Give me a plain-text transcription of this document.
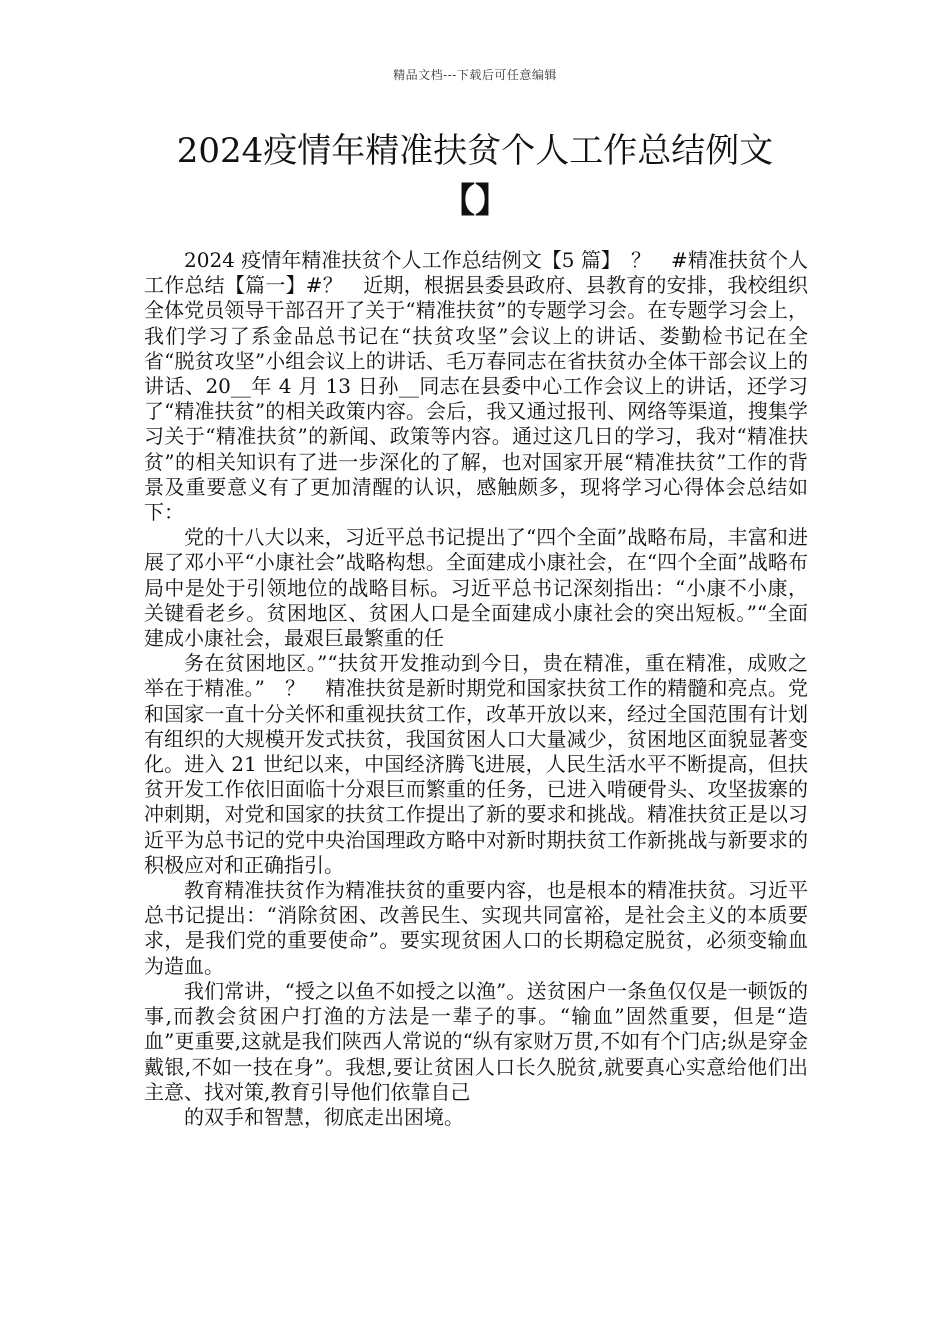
精品文档---下载后可任意编辑
2024疫情年精准扶贫个人工作总结例文
【】

2024 疫情年精准扶贫个人工作总结例文【5 篇】　？　#精准扶贫个人工作总结【篇一】#？　近期，根据县委县政府、县教育的安排，我校组织全体党员领导干部召开了关于“精准扶贫”的专题学习会。在专题学习会上，我们学习了系金品总书记在“扶贫攻坚”会议上的讲话、娄勤检书记在全省“脱贫攻坚”小组会议上的讲话、毛万春同志在省扶贫办全体干部会议上的讲话、20__年 4 月 13 日孙__同志在县委中心工作会议上的讲话，还学习了“精准扶贫”的相关政策内容。会后，我又通过报刊、网络等渠道，搜集学习关于“精准扶贫”的新闻、政策等内容。通过这几日的学习，我对“精准扶贫”的相关知识有了进一步深化的了解，也对国家开展“精准扶贫”工作的背景及重要意义有了更加清醒的认识，感触颇多，现将学习心得体会总结如下：

党的十八大以来，习近平总书记提出了“四个全面”战略布局，丰富和进展了邓小平“小康社会”战略构想。全面建成小康社会，在“四个全面”战略布局中是处于引领地位的战略目标。习近平总书记深刻指出：“小康不小康，关键看老乡。贫困地区、贫困人口是全面建成小康社会的突出短板。”“全面建成小康社会，最艰巨最繁重的任

务在贫困地区。”“扶贫开发推动到今日，贵在精准，重在精准，成败之举在于精准。”　？　精准扶贫是新时期党和国家扶贫工作的精髓和亮点。党和国家一直十分关怀和重视扶贫工作，改革开放以来，经过全国范围有计划有组织的大规模开发式扶贫，我国贫困人口大量减少，贫困地区面貌显著变化。进入 21 世纪以来，中国经济腾飞进展，人民生活水平不断提高，但扶贫开发工作依旧面临十分艰巨而繁重的任务，已进入啃硬骨头、攻坚拔寨的冲刺期，对党和国家的扶贫工作提出了新的要求和挑战。精准扶贫正是以习近平为总书记的党中央治国理政方略中对新时期扶贫工作新挑战与新要求的积极应对和正确指引。

教育精准扶贫作为精准扶贫的重要内容，也是根本的精准扶贫。习近平总书记提出：“消除贫困、改善民生、实现共同富裕，是社会主义的本质要求，是我们党的重要使命”。要实现贫困人口的长期稳定脱贫，必须变输血为造血。

我们常讲，“授之以鱼不如授之以渔”。送贫困户一条鱼仅仅是一顿饭的事,而教会贫困户打渔的方法是一辈子的事。“输血”固然重要，但是“造血”更重要,这就是我们陕西人常说的“纵有家财万贯,不如有个门店;纵是穿金戴银,不如一技在身”。我想,要让贫困人口长久脱贫,就要真心实意给他们出主意、找对策,教育引导他们依靠自己

的双手和智慧，彻底走出困境。
